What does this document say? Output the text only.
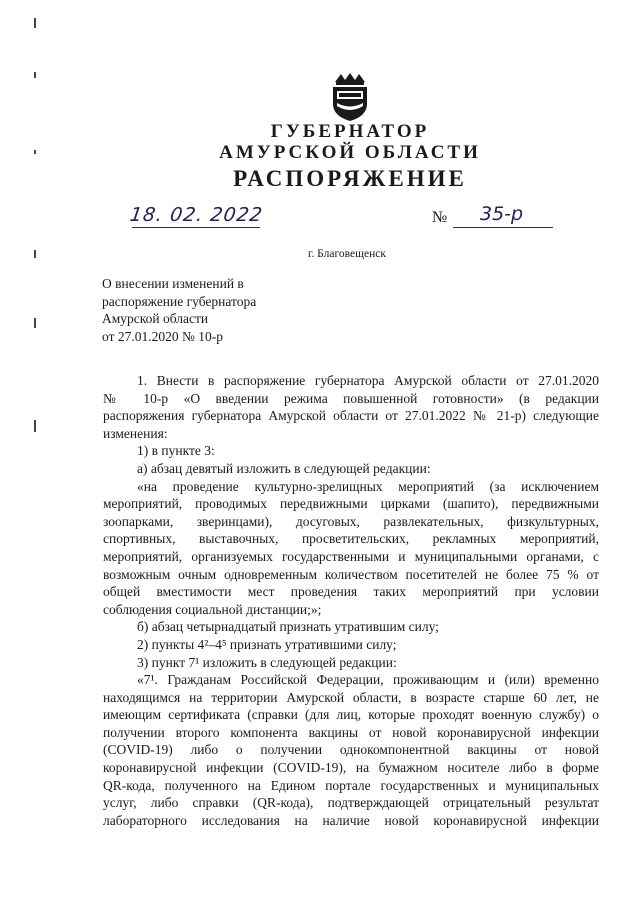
ГУБЕРНАТОР
АМУРСКОЙ ОБЛАСТИ
РАСПОРЯЖЕНИЕ
18. 02. 2022	№ 35-р
г. Благовещенск
О внесении изменений в
распоряжение губернатора
Амурской области
от 27.01.2020 № 10-р
1. Внести в распоряжение губернатора Амурской области от 27.01.2020
№ 10-р «О введении режима повышенной готовности» (в редакции
распоряжения губернатора Амурской области от 27.01.2022 № 21-р) следующие
изменения:
1) в пункте 3:
а) абзац девятый изложить в следующей редакции:
«на проведение культурно-зрелищных мероприятий (за исключением
мероприятий, проводимых передвижными цирками (шапито), передвижными
зоопарками, зверинцами), досуговых, развлекательных, физкультурных,
спортивных, выставочных, просветительских, рекламных мероприятий,
мероприятий, организуемых государственными и муниципальными органами, с
возможным очным одновременным количеством посетителей не более 75 % от
общей вместимости мест проведения таких мероприятий при условии
соблюдения социальной дистанции;»;
б) абзац четырнадцатый признать утратившим силу;
2) пункты 4²–4⁵ признать утратившими силу;
3) пункт 7¹ изложить в следующей редакции:
«7¹. Гражданам Российской Федерации, проживающим и (или) временно
находящимся на территории Амурской области, в возрасте старше 60 лет, не
имеющим сертификата (справки (для лиц, которые проходят военную службу) о
получении второго компонента вакцины от новой коронавирусной инфекции
(COVID-19) либо о получении однокомпонентной вакцины от новой
коронавирусной инфекции (COVID-19), на бумажном носителе либо в форме
QR-кода, полученного на Едином портале государственных и муниципальных
услуг, либо справки (QR-кода), подтверждающей отрицательный результат
лабораторного исследования на наличие новой коронавирусной инфекции
